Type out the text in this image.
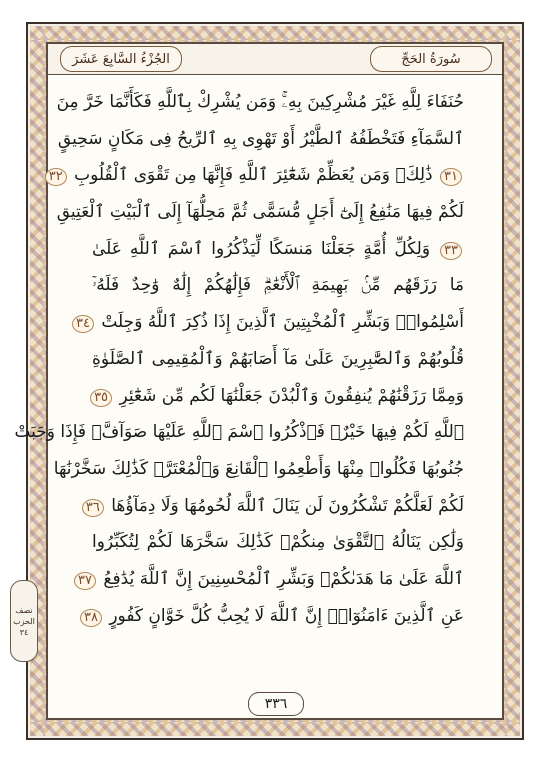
الجُزْءُ السَّابِعَ عَشَرَ	سُورَةُ الحَجِّ
حُنَفَاءَ لِلَّهِ غَيْرَ مُشْرِكِينَ بِهِۦۚ وَمَن يُشْرِكْ بِٱللَّهِ فَكَأَنَّمَا خَرَّ مِنَ
ٱلسَّمَآءِ فَتَخْطَفُهُ ٱلطَّيْرُ أَوْ تَهْوِى بِهِ ٱلرِّيحُ فِى مَكَانٍ سَحِيقٍ
٣١ ذَٰلِكَۖ وَمَن يُعَظِّمْ شَعَٰٓئِرَ ٱللَّهِ فَإِنَّهَا مِن تَقْوَى ٱلْقُلُوبِ ٣٢
لَكُمْ فِيهَا مَنَٰفِعُ إِلَىٰٓ أَجَلٍ مُّسَمًّى ثُمَّ مَحِلُّهَآ إِلَى ٱلْبَيْتِ ٱلْعَتِيقِ
٣٣ وَلِكُلِّ أُمَّةٍ جَعَلْنَا مَنسَكًا لِّيَذْكُرُوا ٱسْمَ ٱللَّهِ عَلَىٰ
مَا رَزَقَهُم مِّنۢ بَهِيمَةِ ٱلْأَنْعَٰمِۗ فَإِلَٰهُكُمْ إِلَٰهٌ وَٰحِدٌ فَلَهُۥٓ
أَسْلِمُوا۟ۗ وَبَشِّرِ ٱلْمُخْبِتِينَ ٱلَّذِينَ إِذَا ذُكِرَ ٱللَّهُ وَجِلَتْ ٣٤
قُلُوبُهُمْ وَٱلصَّٰبِرِينَ عَلَىٰ مَآ أَصَابَهُمْ وَٱلْمُقِيمِى ٱلصَّلَوٰةِ
وَمِمَّا رَزَقْنَٰهُمْ يُنفِقُونَ وَٱلْبُدْنَ جَعَلْنَٰهَا لَكُم مِّن شَعَٰٓئِرِ ٣٥
ٱللَّهِ لَكُمْ فِيهَا خَيْرٌۖ فَٱذْكُرُوا ٱسْمَ ٱللَّهِ عَلَيْهَا صَوَآفَّۖ فَإِذَا وَجَبَتْ
جُنُوبُهَا فَكُلُوا۟ مِنْهَا وَأَطْعِمُوا ٱلْقَانِعَ وَٱلْمُعْتَرَّۚ كَذَٰلِكَ سَخَّرْنَٰهَا
لَكُمْ لَعَلَّكُمْ تَشْكُرُونَ لَن يَنَالَ ٱللَّهَ لُحُومُهَا وَلَا دِمَآؤُهَا ٣٦
وَلَٰكِن يَنَالُهُ ٱلتَّقْوَىٰ مِنكُمْۚ كَذَٰلِكَ سَخَّرَهَا لَكُمْ لِتُكَبِّرُوا
ٱللَّهَ عَلَىٰ مَا هَدَىٰكُمْۗ وَبَشِّرِ ٱلْمُحْسِنِينَ إِنَّ ٱللَّهَ يُدَٰفِعُ ٣٧
عَنِ ٱلَّذِينَ ءَامَنُوٓا۟ۗ إِنَّ ٱللَّهَ لَا يُحِبُّ كُلَّ خَوَّانٍ كَفُورٍ ٣٨
نصف
الحزب
٣٤
٣٣٦
